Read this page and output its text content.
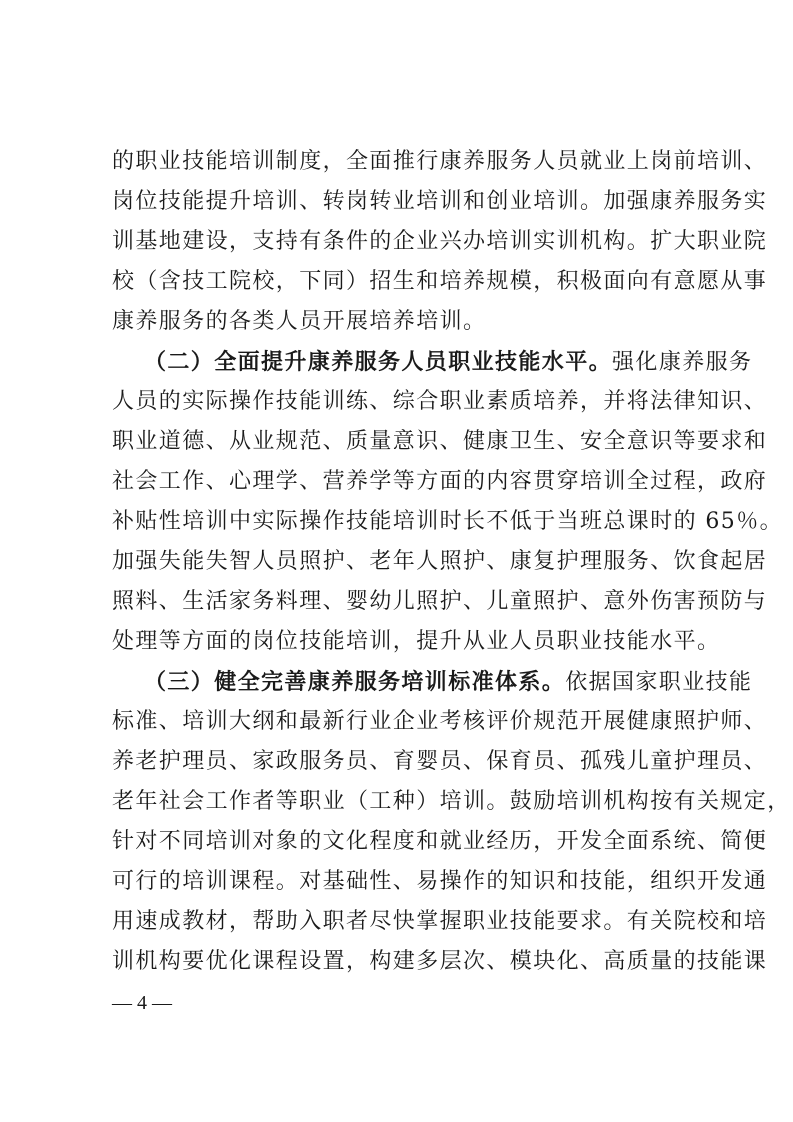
的职业技能培训制度，全面推行康养服务人员就业上岗前培训、
岗位技能提升培训、转岗转业培训和创业培训。加强康养服务实
训基地建设，支持有条件的企业兴办培训实训机构。扩大职业院
校（含技工院校，下同）招生和培养规模，积极面向有意愿从事
康养服务的各类人员开展培养培训。
（二）全面提升康养服务人员职业技能水平。强化康养服务
人员的实际操作技能训练、综合职业素质培养，并将法律知识、
职业道德、从业规范、质量意识、健康卫生、安全意识等要求和
社会工作、心理学、营养学等方面的内容贯穿培训全过程，政府
补贴性培训中实际操作技能培训时长不低于当班总课时的 65％。
加强失能失智人员照护、老年人照护、康复护理服务、饮食起居
照料、生活家务料理、婴幼儿照护、儿童照护、意外伤害预防与
处理等方面的岗位技能培训，提升从业人员职业技能水平。
（三）健全完善康养服务培训标准体系。依据国家职业技能
标准、培训大纲和最新行业企业考核评价规范开展健康照护师、
养老护理员、家政服务员、育婴员、保育员、孤残儿童护理员、
老年社会工作者等职业（工种）培训。鼓励培训机构按有关规定，
针对不同培训对象的文化程度和就业经历，开发全面系统、简便
可行的培训课程。对基础性、易操作的知识和技能，组织开发通
用速成教材，帮助入职者尽快掌握职业技能要求。有关院校和培
训机构要优化课程设置，构建多层次、模块化、高质量的技能课
— 4 —
